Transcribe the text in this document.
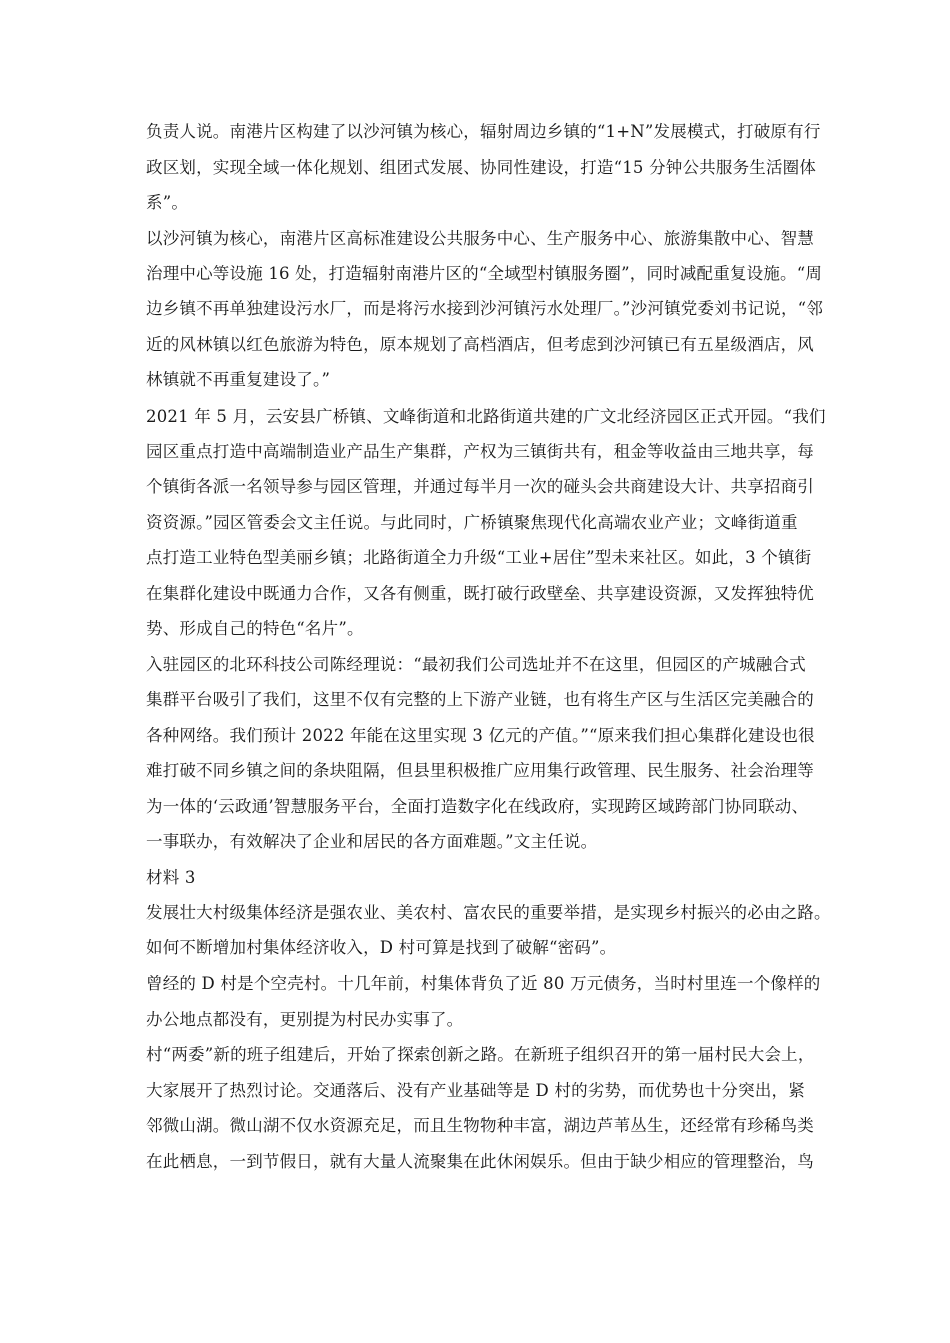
负责人说。南港片区构建了以沙河镇为核心，辐射周边乡镇的“1+N”发展模式，打破原有行
政区划，实现全域一体化规划、组团式发展、协同性建设，打造“15 分钟公共服务生活圈体
系”。
以沙河镇为核心，南港片区高标准建设公共服务中心、生产服务中心、旅游集散中心、智慧
治理中心等设施 16 处，打造辐射南港片区的“全域型村镇服务圈”，同时减配重复设施。“周
边乡镇不再单独建设污水厂，而是将污水接到沙河镇污水处理厂。”沙河镇党委刘书记说，“邻
近的风林镇以红色旅游为特色，原本规划了高档酒店，但考虑到沙河镇已有五星级酒店，风
林镇就不再重复建设了。”
2021 年 5 月，云安县广桥镇、文峰街道和北路街道共建的广文北经济园区正式开园。“我们
园区重点打造中高端制造业产品生产集群，产权为三镇街共有，租金等收益由三地共享，每
个镇街各派一名领导参与园区管理，并通过每半月一次的碰头会共商建设大计、共享招商引
资资源。”园区管委会文主任说。与此同时，广桥镇聚焦现代化高端农业产业；文峰街道重
点打造工业特色型美丽乡镇；北路街道全力升级“工业+居住”型未来社区。如此，3 个镇街
在集群化建设中既通力合作，又各有侧重，既打破行政壁垒、共享建设资源，又发挥独特优
势、形成自己的特色“名片”。
入驻园区的北环科技公司陈经理说：“最初我们公司选址并不在这里，但园区的产城融合式
集群平台吸引了我们，这里不仅有完整的上下游产业链，也有将生产区与生活区完美融合的
各种网络。我们预计 2022 年能在这里实现 3 亿元的产值。”“原来我们担心集群化建设也很
难打破不同乡镇之间的条块阻隔，但县里积极推广应用集行政管理、民生服务、社会治理等
为一体的‘云政通’智慧服务平台，全面打造数字化在线政府，实现跨区域跨部门协同联动、
一事联办，有效解决了企业和居民的各方面难题。”文主任说。
材料 3
发展壮大村级集体经济是强农业、美农村、富农民的重要举措，是实现乡村振兴的必由之路。
如何不断增加村集体经济收入，D 村可算是找到了破解“密码”。
曾经的 D 村是个空壳村。十几年前，村集体背负了近 80 万元债务，当时村里连一个像样的
办公地点都没有，更别提为村民办实事了。
村“两委”新的班子组建后，开始了探索创新之路。在新班子组织召开的第一届村民大会上，
大家展开了热烈讨论。交通落后、没有产业基础等是 D 村的劣势，而优势也十分突出，紧
邻微山湖。微山湖不仅水资源充足，而且生物物种丰富，湖边芦苇丛生，还经常有珍稀鸟类
在此栖息，一到节假日，就有大量人流聚集在此休闲娱乐。但由于缺少相应的管理整治，鸟
